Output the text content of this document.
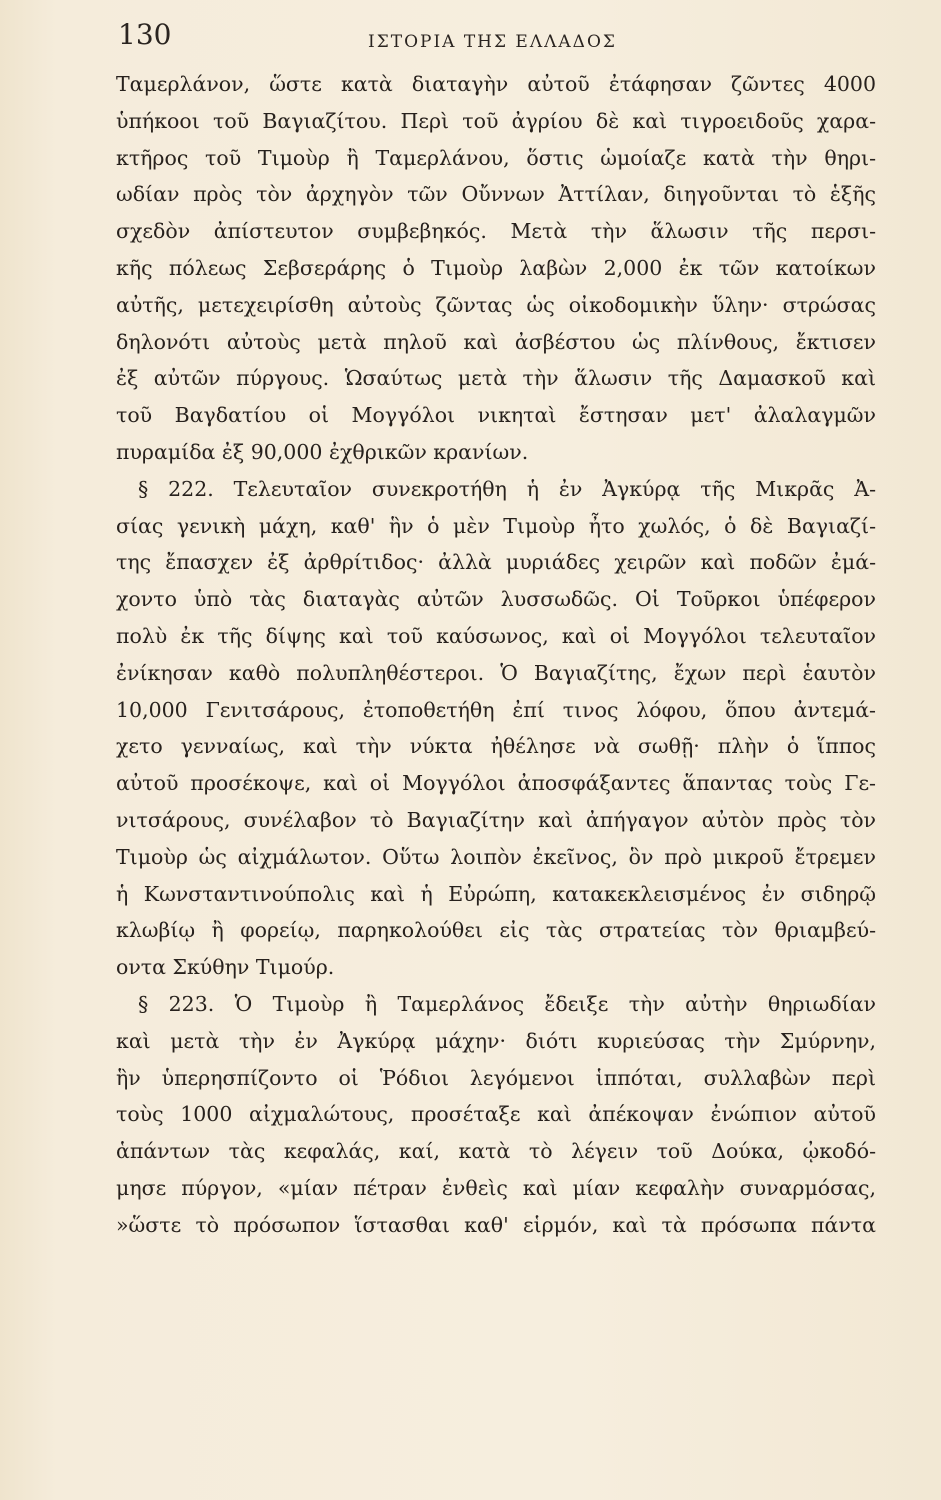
130	ΙΣΤΟΡΙΑ ΤΗΣ ΕΛΛΑΔΟΣ
Ταμερλάνον, ὥστε κατὰ διαταγὴν αὐτοῦ ἐτάφησαν ζῶντες 4000
ὑπήκοοι τοῦ Βαγιαζίτου. Περὶ τοῦ ἀγρίου δὲ καὶ τιγροειδοῦς χαρα-
κτῆρος τοῦ Τιμοὺρ ἢ Ταμερλάνου, ὅστις ὡμοίαζε κατὰ τὴν θηρι-
ωδίαν πρὸς τὸν ἀρχηγὸν τῶν Οὔννων Ἀττίλαν, διηγοῦνται τὸ ἑξῆς
σχεδὸν ἀπίστευτον συμβεβηκός. Μετὰ τὴν ἅλωσιν τῆς περσι-
κῆς πόλεως Σεβσεράρης ὁ Τιμοὺρ λαβὼν 2,000 ἐκ τῶν κατοίκων
αὐτῆς, μετεχειρίσθη αὐτοὺς ζῶντας ὡς οἰκοδομικὴν ὕλην· στρώσας
δηλονότι αὐτοὺς μετὰ πηλοῦ καὶ ἀσβέστου ὡς πλίνθους, ἔκτισεν
ἐξ αὐτῶν πύργους. Ὡσαύτως μετὰ τὴν ἅλωσιν τῆς Δαμασκοῦ καὶ
τοῦ Βαγδατίου οἱ Μογγόλοι νικηταὶ ἔστησαν μετ' ἀλαλαγμῶν
πυραμίδα ἐξ 90,000 ἐχθρικῶν κρανίων.
§ 222. Τελευταῖον συνεκροτήθη ἡ ἐν Ἀγκύρᾳ τῆς Μικρᾶς Ἀ-
σίας γενικὴ μάχη, καθ' ἣν ὁ μὲν Τιμοὺρ ἦτο χωλός, ὁ δὲ Βαγιαζί-
της ἔπασχεν ἐξ ἀρθρίτιδος· ἀλλὰ μυριάδες χειρῶν καὶ ποδῶν ἐμά-
χοντο ὑπὸ τὰς διαταγὰς αὐτῶν λυσσωδῶς. Οἱ Τοῦρκοι ὑπέφερον
πολὺ ἐκ τῆς δίψης καὶ τοῦ καύσωνος, καὶ οἱ Μογγόλοι τελευταῖον
ἐνίκησαν καθὸ πολυπληθέστεροι. Ὁ Βαγιαζίτης, ἔχων περὶ ἑαυτὸν
10,000 Γενιτσάρους, ἐτοποθετήθη ἐπί τινος λόφου, ὅπου ἀντεμά-
χετο γενναίως, καὶ τὴν νύκτα ἠθέλησε νὰ σωθῇ· πλὴν ὁ ἵππος
αὐτοῦ προσέκοψε, καὶ οἱ Μογγόλοι ἀποσφάξαντες ἅπαντας τοὺς Γε-
νιτσάρους, συνέλαβον τὸ Βαγιαζίτην καὶ ἀπήγαγον αὐτὸν πρὸς τὸν
Τιμοὺρ ὡς αἰχμάλωτον. Οὕτω λοιπὸν ἐκεῖνος, ὃν πρὸ μικροῦ ἔτρεμεν
ἡ Κωνσταντινούπολις καὶ ἡ Εὐρώπη, κατακεκλεισμένος ἐν σιδηρῷ
κλωβίῳ ἢ φορείῳ, παρηκολούθει εἰς τὰς στρατείας τὸν θριαμβεύ-
οντα Σκύθην Τιμούρ.
§ 223. Ὁ Τιμοὺρ ἢ Ταμερλάνος ἔδειξε τὴν αὐτὴν θηριωδίαν
καὶ μετὰ τὴν ἐν Ἀγκύρᾳ μάχην· διότι κυριεύσας τὴν Σμύρνην,
ἣν ὑπερησπίζοντο οἱ Ῥόδιοι λεγόμενοι ἱππόται, συλλαβὼν περὶ
τοὺς 1000 αἰχμαλώτους, προσέταξε καὶ ἀπέκοψαν ἐνώπιον αὐτοῦ
ἁπάντων τὰς κεφαλάς, καί, κατὰ τὸ λέγειν τοῦ Δούκα, ᾠκοδό-
μησε πύργον, «μίαν πέτραν ἐνθεὶς καὶ μίαν κεφαλὴν συναρμόσας,
»ὥστε τὸ πρόσωπον ἵστασθαι καθ' εἱρμόν, καὶ τὰ πρόσωπα πάντα
